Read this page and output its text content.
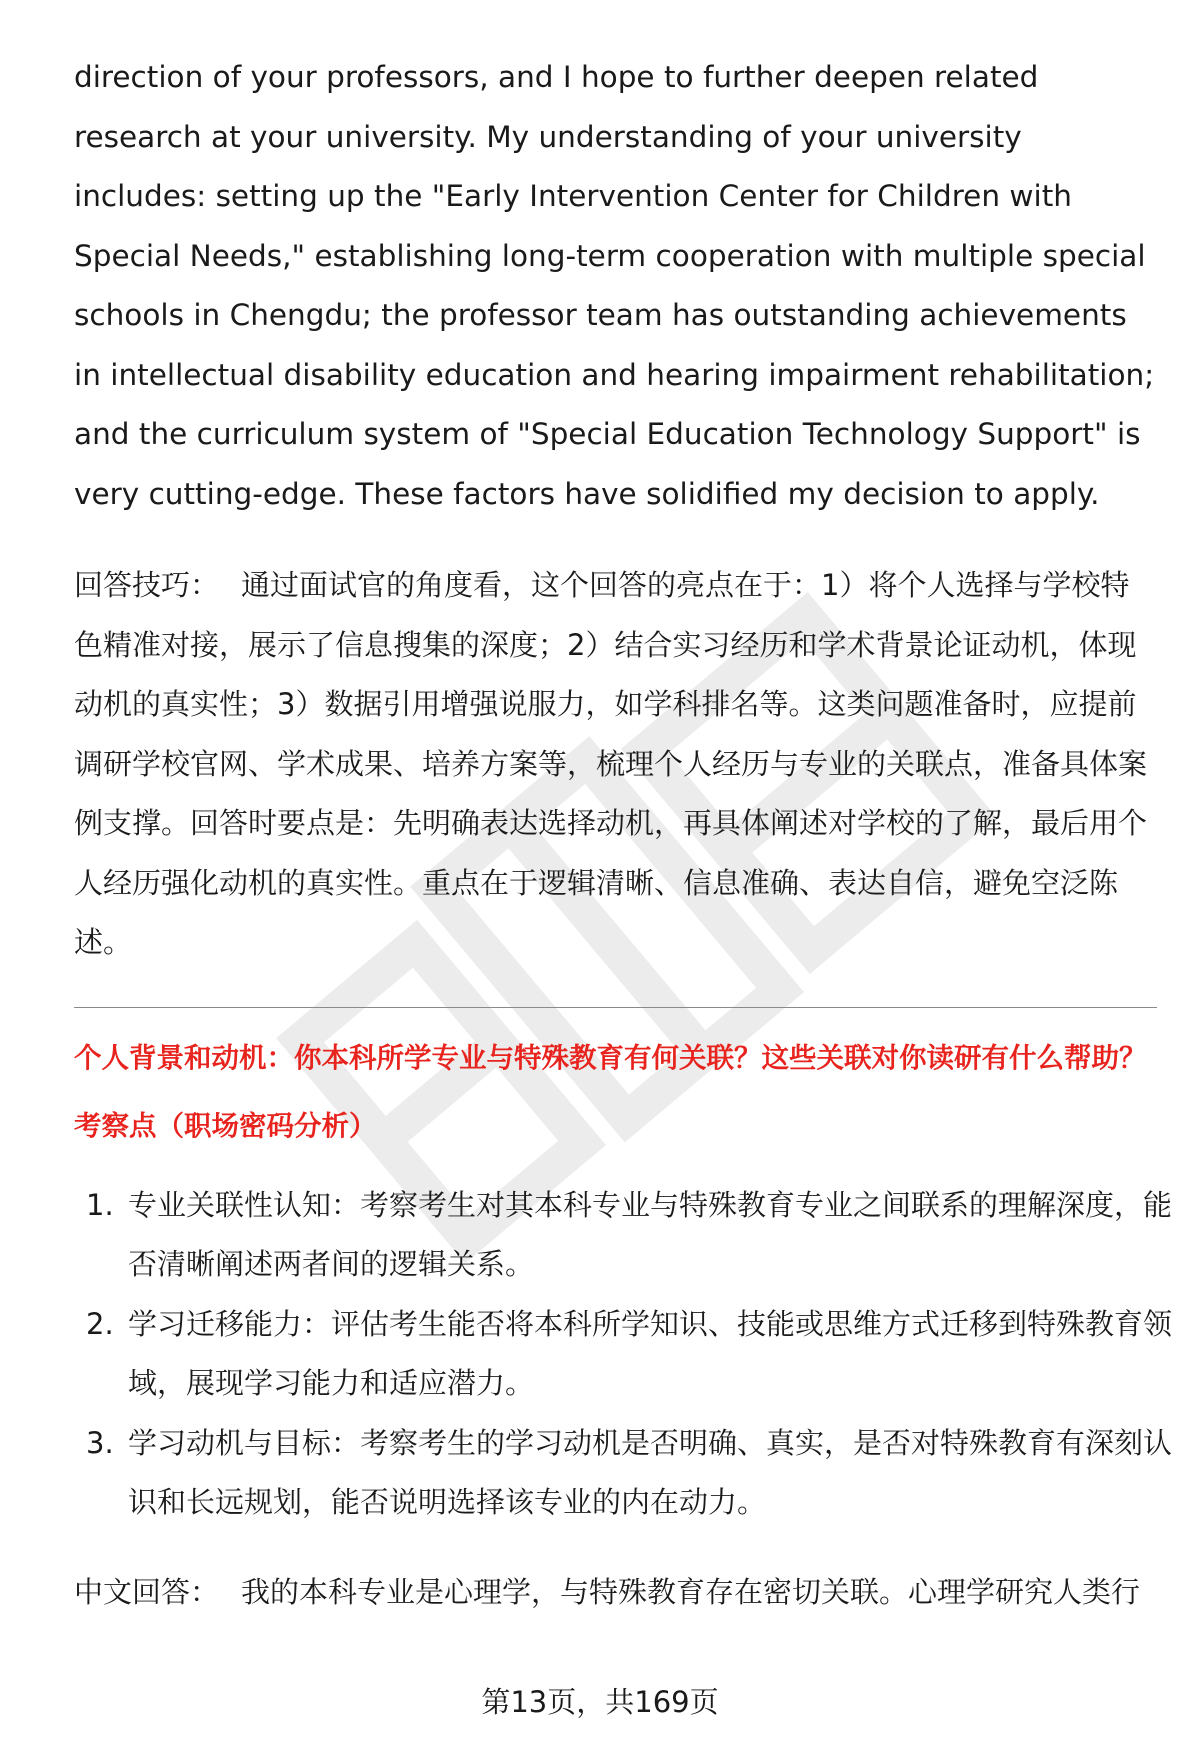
direction of your professors, and I hope to further deepen related research at your university. My understanding of your university includes: setting up the "Early Intervention Center for Children with Special Needs," establishing long-term cooperation with multiple special schools in Chengdu; the professor team has outstanding achievements in intellectual disability education and hearing impairment rehabilitation; and the curriculum system of "Special Education Technology Support" is very cutting-edge. These factors have solidified my decision to apply.

回答技巧： 通过面试官的角度看，这个回答的亮点在于：1）将个人选择与学校特色精准对接，展示了信息搜集的深度；2）结合实习经历和学术背景论证动机，体现动机的真实性；3）数据引用增强说服力，如学科排名等。这类问题准备时，应提前调研学校官网、学术成果、培养方案等，梳理个人经历与专业的关联点，准备具体案例支撑。回答时要点是：先明确表达选择动机，再具体阐述对学校的了解，最后用个人经历强化动机的真实性。重点在于逻辑清晰、信息准确、表达自信，避免空泛陈述。

个人背景和动机：你本科所学专业与特殊教育有何关联？这些关联对你读研有什么帮助？

考察点（职场密码分析）

1. 专业关联性认知：考察考生对其本科专业与特殊教育专业之间联系的理解深度，能否清晰阐述两者间的逻辑关系。
2. 学习迁移能力：评估考生能否将本科所学知识、技能或思维方式迁移到特殊教育领域，展现学习能力和适应潜力。
3. 学习动机与目标：考察考生的学习动机是否明确、真实，是否对特殊教育有深刻认识和长远规划，能否说明选择该专业的内在动力。

中文回答： 我的本科专业是心理学，与特殊教育存在密切关联。心理学研究人类行

第13页，共169页
